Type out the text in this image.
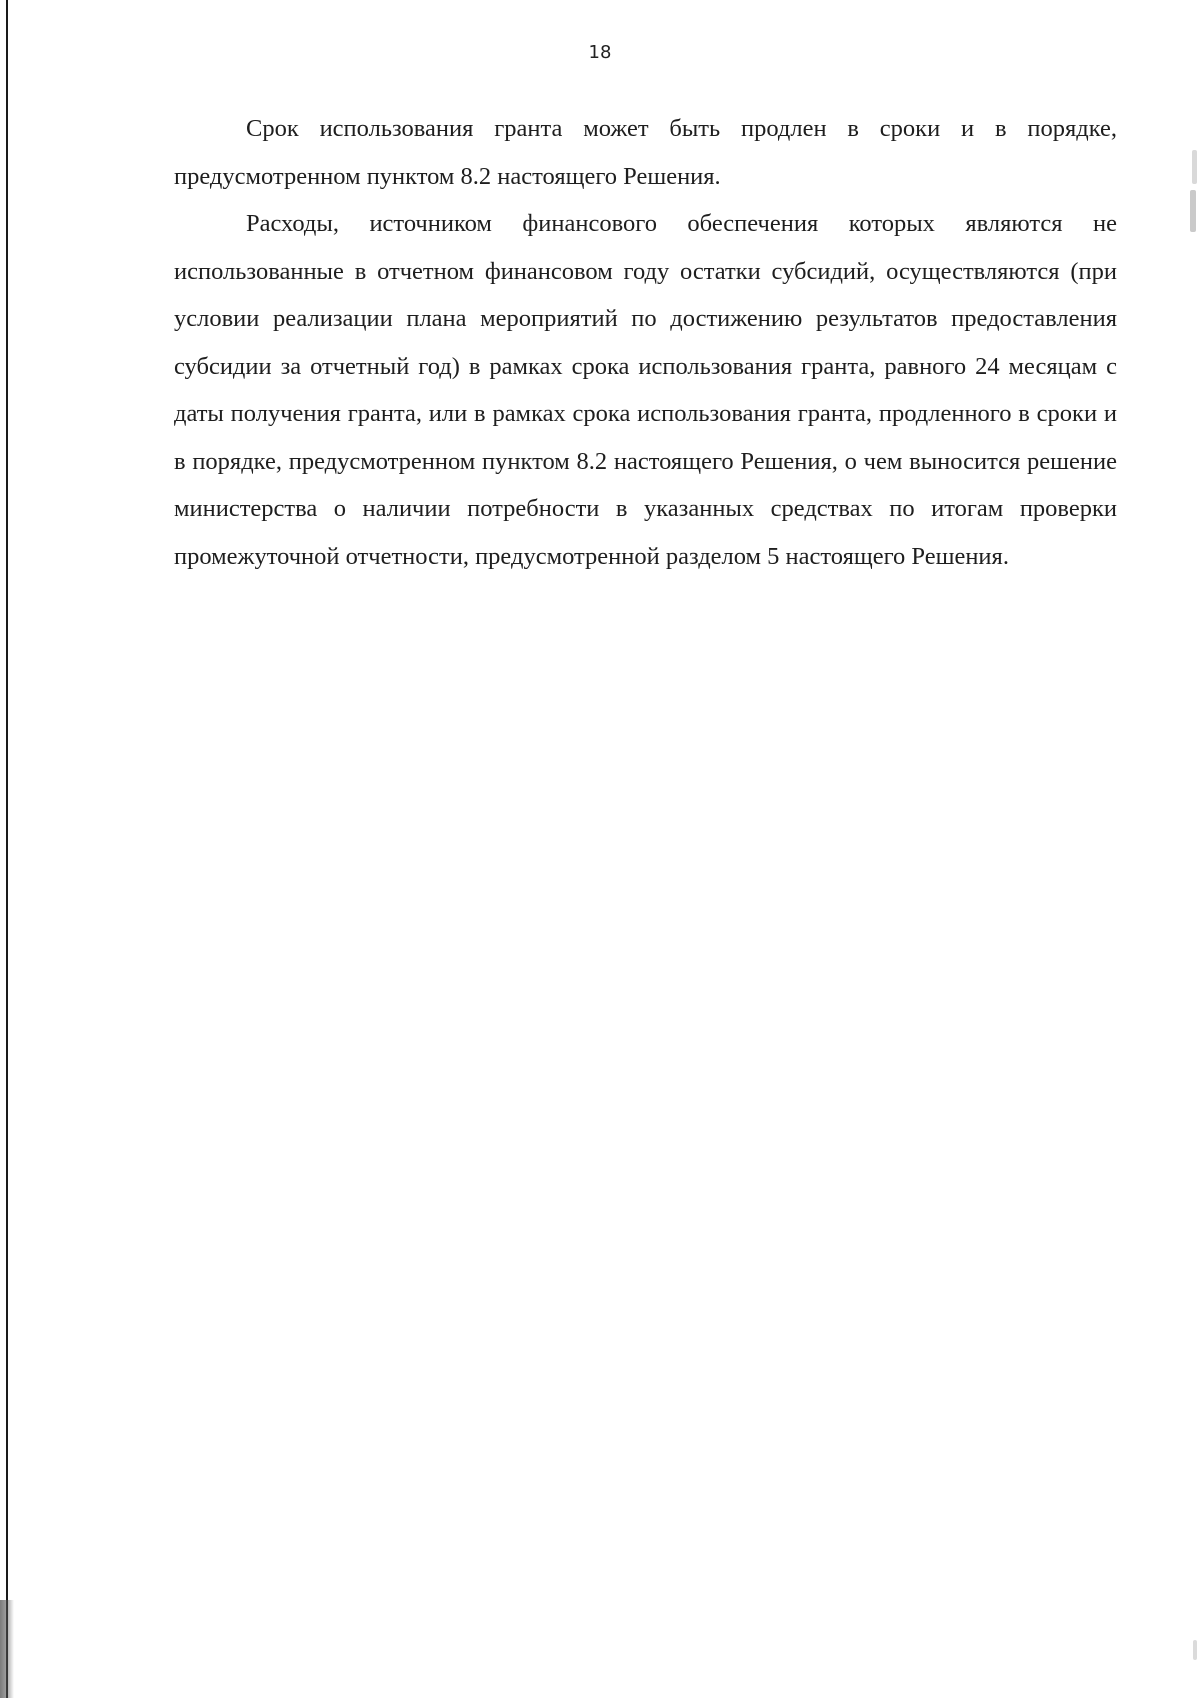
18

Срок использования гранта может быть продлен в сроки и в порядке, предусмотренном пунктом 8.2 настоящего Решения.

Расходы, источником финансового обеспечения которых являются не использованные в отчетном финансовом году остатки субсидий, осуществляются (при условии реализации плана мероприятий по достижению результатов предоставления субсидии за отчетный год) в рамках срока использования гранта, равного 24 месяцам с даты получения гранта, или в рамках срока использования гранта, продленного в сроки и в порядке, предусмотренном пунктом 8.2 настоящего Решения, о чем выносится решение министерства о наличии потребности в указанных средствах по итогам проверки промежуточной отчетности, предусмотренной разделом 5 настоящего Решения.
